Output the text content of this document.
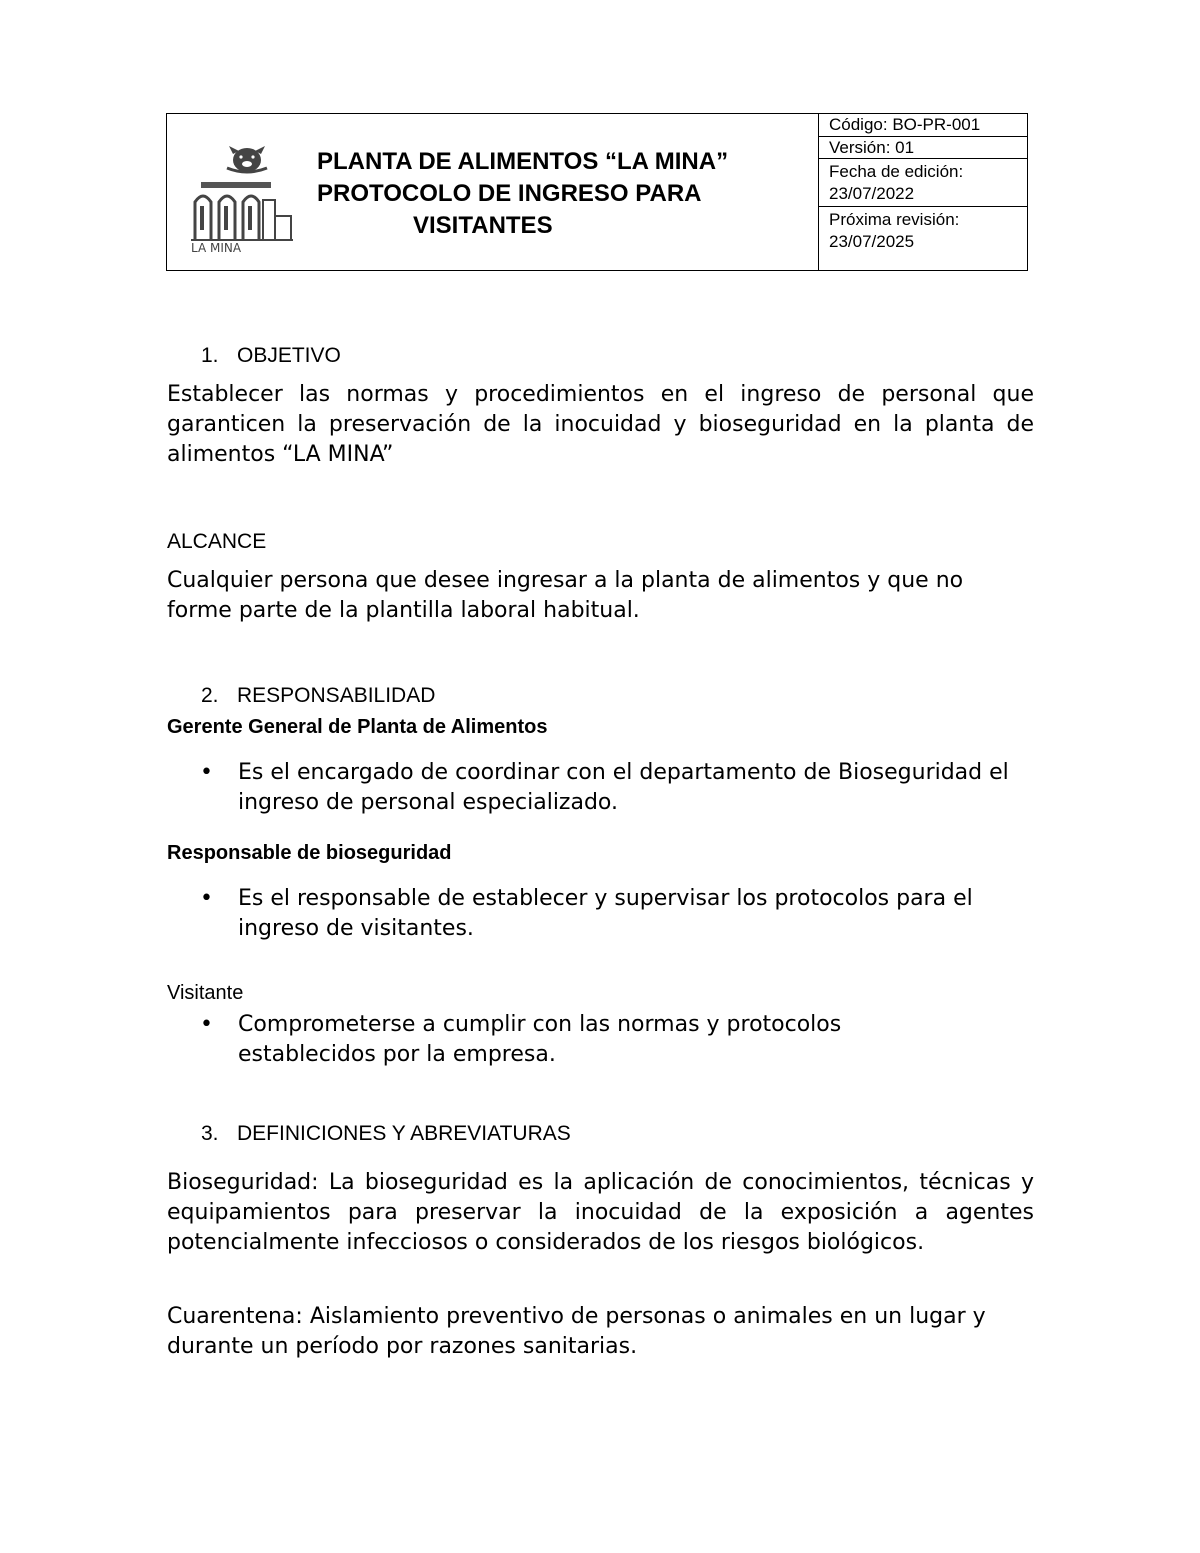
LA MINA
PLANTA DE ALIMENTOS “LA MINA”
PROTOCOLO DE INGRESO PARA
VISITANTES
Código: BO-PR-001
Versión: 01
Fecha de edición:
23/07/2022
Próxima revisión:
23/07/2025
1. OBJETIVO
Establecer las normas y procedimientos en el ingreso de personal que garanticen la preservación de la inocuidad y bioseguridad en la planta de alimentos “LA MINA”
ALCANCE
Cualquier persona que desee ingresar a la planta de alimentos y que no forme parte de la plantilla laboral habitual.
2. RESPONSABILIDAD
Gerente General de Planta de Alimentos
•	Es el encargado de coordinar con el departamento de Bioseguridad el ingreso de personal especializado.
Responsable de bioseguridad
•	Es el responsable de establecer y supervisar los protocolos para el ingreso de visitantes.
Visitante
•	Comprometerse a cumplir con las normas y protocolos establecidos por la empresa.
3. DEFINICIONES Y ABREVIATURAS
Bioseguridad: La bioseguridad es la aplicación de conocimientos, técnicas y equipamientos para preservar la inocuidad de la exposición a agentes potencialmente infecciosos o considerados de los riesgos biológicos.
Cuarentena: Aislamiento preventivo de personas o animales en un lugar y durante un período por razones sanitarias.
